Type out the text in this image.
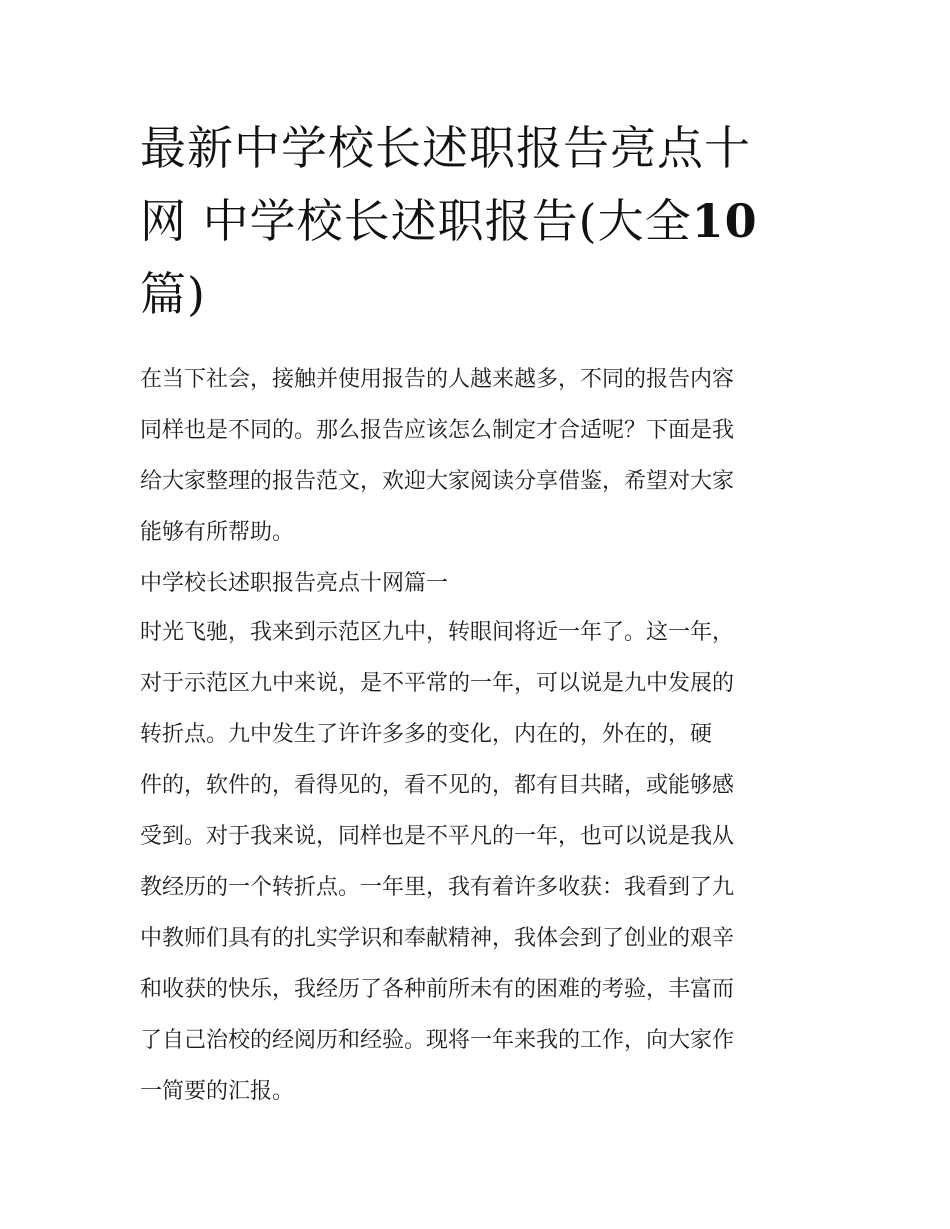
最新中学校长述职报告亮点十
网 中学校长述职报告(大全10
篇)
在当下社会，接触并使用报告的人越来越多，不同的报告内容
同样也是不同的。那么报告应该怎么制定才合适呢？下面是我
给大家整理的报告范文，欢迎大家阅读分享借鉴，希望对大家
能够有所帮助。
中学校长述职报告亮点十网篇一
时光飞驰，我来到示范区九中，转眼间将近一年了。这一年，
对于示范区九中来说，是不平常的一年，可以说是九中发展的
转折点。九中发生了许许多多的变化，内在的，外在的，硬
件的，软件的，看得见的，看不见的，都有目共睹，或能够感
受到。对于我来说，同样也是不平凡的一年，也可以说是我从
教经历的一个转折点。一年里，我有着许多收获：我看到了九
中教师们具有的扎实学识和奉献精神，我体会到了创业的艰辛
和收获的快乐，我经历了各种前所未有的困难的考验，丰富而
了自己治校的经阅历和经验。现将一年来我的工作，向大家作
一简要的汇报。
